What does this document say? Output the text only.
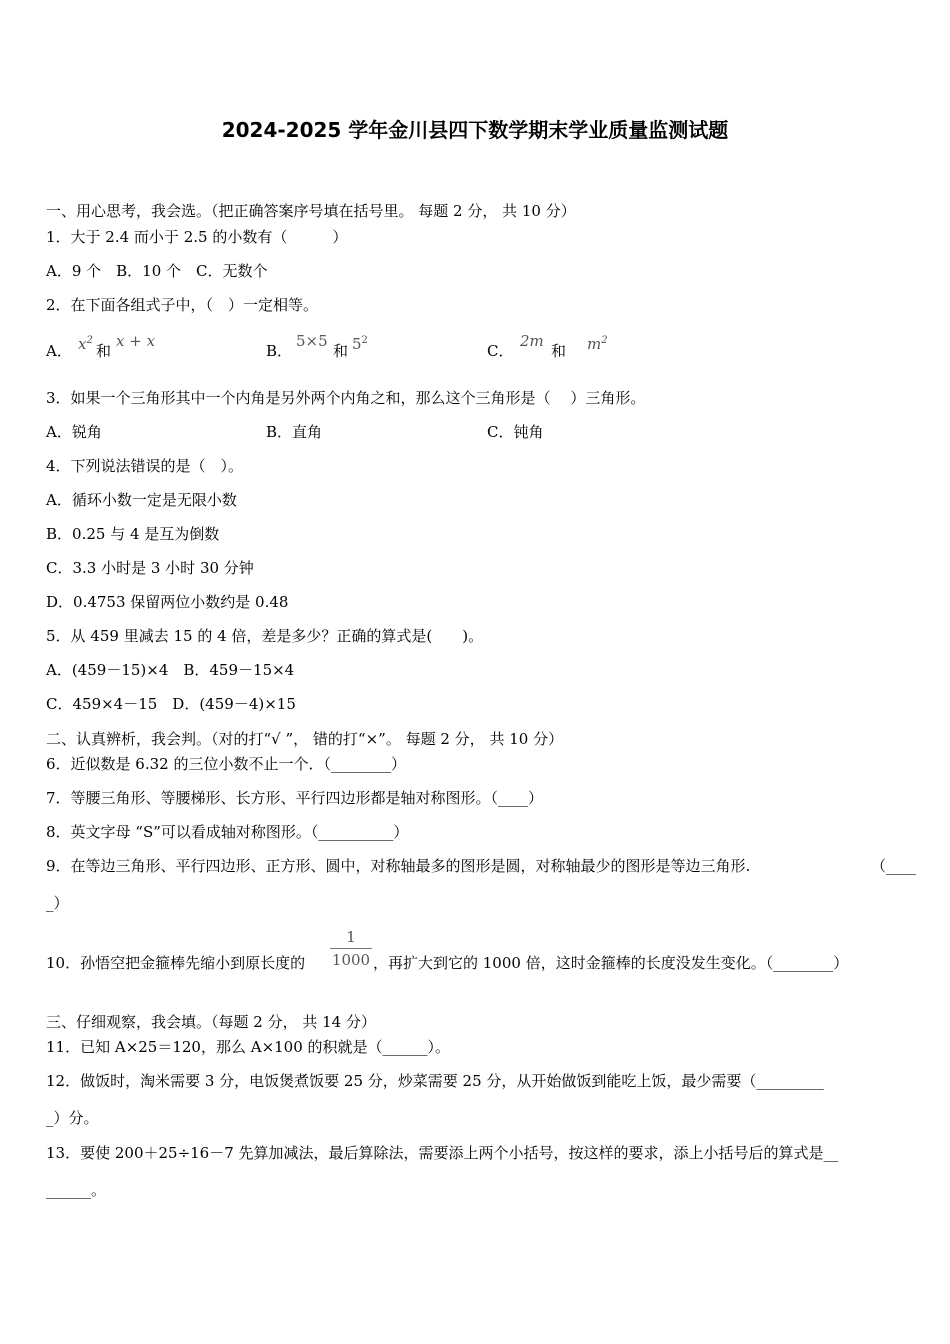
2024-2025 学年金川县四下数学期末学业质量监测试题
一、用心思考，我会选。（把正确答案序号填在括号里。 每题 2 分， 共 10 分）
1．大于 2.4 而小于 2.5 的小数有（　　　）
A．9 个　B．10 个　C．无数个
2．在下面各组式子中，（　）一定相等。
A． $x^2$
和
x + x
B．
5×5
和 $5^2$
C．
2m
和 $m^2$
3．如果一个三角形其中一个内角是另外两个内角之和，那么这个三角形是（　 ）三角形。
A．锐角	B．直角	C．钝角
4．下列说法错误的是（　）。
A．循环小数一定是无限小数
B．0.25 与 4 是互为倒数
C．3.3 小时是 3 小时 30 分钟
D．0.4753 保留两位小数约是 0.48
5．从 459 里减去 15 的 4 倍，差是多少？正确的算式是(　　)。
A．(459－15)×4　B．459－15×4
C．459×4－15　D．(459－4)×15
二、认真辨析，我会判。（对的打“√ ”， 错的打“×”。 每题 2 分， 共 10 分）
6．近似数是 6.32 的三位小数不止一个．（________）
7．等腰三角形、等腰梯形、长方形、平行四边形都是轴对称图形。（____）
8．英文字母 “S”可以看成轴对称图形。（__________）
9．在等边三角形、平行四边形、正方形、圆中，对称轴最多的图形是圆，对称轴最少的图形是等边三角形.	（____
_）
10．孙悟空把金箍棒先缩小到原长度的
1
1000 ，再扩大到它的 1000 倍，这时金箍棒的长度没发生变化。（________）
三、仔细观察，我会填。（每题 2 分， 共 14 分）
11．已知 A×25＝120，那么 A×100 的积就是（______）。
12．做饭时，淘米需要 3 分，电饭煲煮饭要 25 分，炒菜需要 25 分，从开始做饭到能吃上饭，最少需要（_________
_）分。
13．要使 200＋25÷16－7 先算加减法，最后算除法，需要添上两个小括号，按这样的要求，添上小括号后的算式是__
______。
